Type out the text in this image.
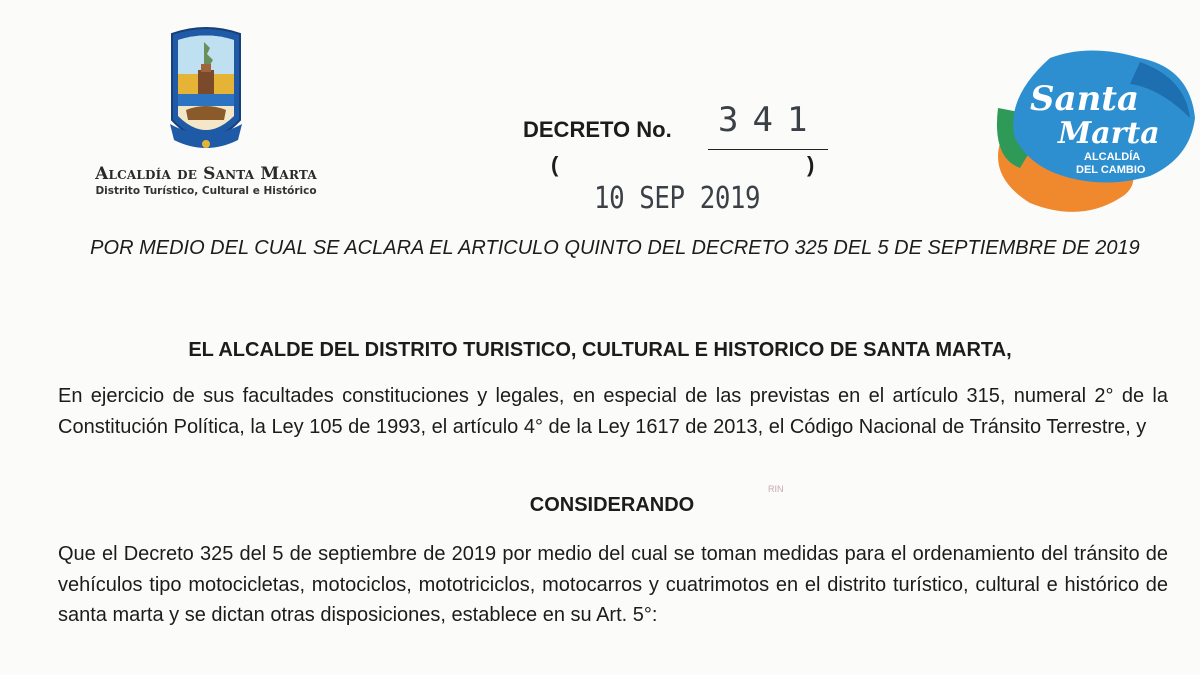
Alcaldía de Santa Marta
Distrito Turístico, Cultural e Histórico
DECRETO No. 341
(	)
10 SEP 2019
Santa
Marta
ALCALDÍA
DEL CAMBIO
POR MEDIO DEL CUAL SE ACLARA EL ARTICULO QUINTO DEL DECRETO 325 DEL 5 DE SEPTIEMBRE DE 2019
EL ALCALDE DEL DISTRITO TURISTICO, CULTURAL E HISTORICO DE SANTA MARTA,
En ejercicio de sus facultades constituciones y legales, en especial de las previstas en el artículo 315, numeral 2° de la Constitución Política, la Ley 105 de 1993, el artículo 4° de la Ley 1617 de 2013, el Código Nacional de Tránsito Terrestre, y
CONSIDERANDO
RIN
Que el Decreto 325 del 5 de septiembre de 2019 por medio del cual se toman medidas para el ordenamiento del tránsito de vehículos tipo motocicletas, motociclos, mototriciclos, motocarros y cuatrimotos en el distrito turístico, cultural e histórico de santa marta y se dictan otras disposiciones, establece en su Art. 5°:
